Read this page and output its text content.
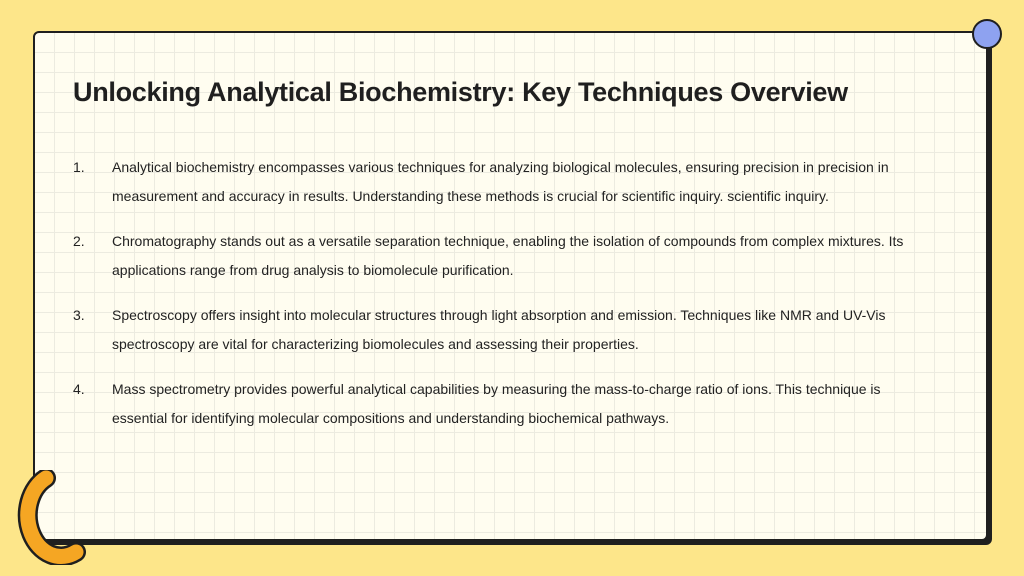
Unlocking Analytical Biochemistry: Key Techniques Overview
1.	Analytical biochemistry encompasses various techniques for analyzing biological molecules, ensuring precision in precision in measurement and accuracy in results. Understanding these methods is crucial for scientific inquiry. scientific inquiry.
2.	Chromatography stands out as a versatile separation technique, enabling the isolation of compounds from complex mixtures. Its applications range from drug analysis to biomolecule purification.
3.	Spectroscopy offers insight into molecular structures through light absorption and emission. Techniques like NMR and UV-Vis spectroscopy are vital for characterizing biomolecules and assessing their properties.
4.	Mass spectrometry provides powerful analytical capabilities by measuring the mass-to-charge ratio of ions. This technique is essential for identifying molecular compositions and understanding biochemical pathways.
